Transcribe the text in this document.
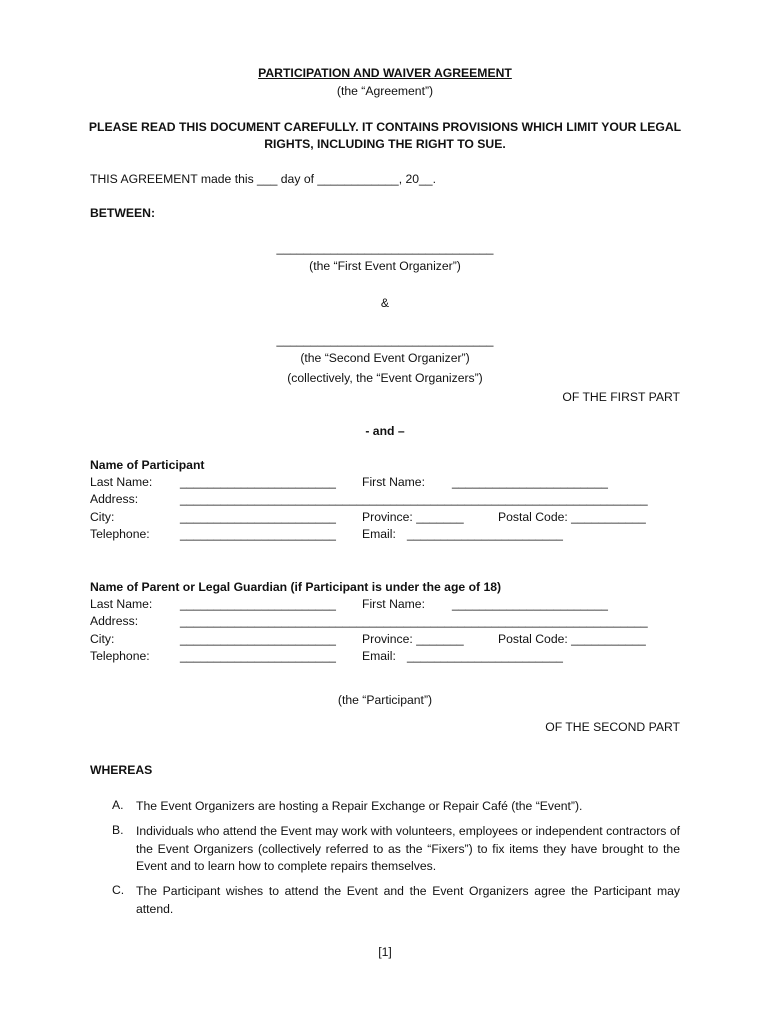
PARTICIPATION AND WAIVER AGREEMENT
(the “Agreement”)
PLEASE READ THIS DOCUMENT CAREFULLY. IT CONTAINS PROVISIONS WHICH LIMIT YOUR LEGAL
RIGHTS, INCLUDING THE RIGHT TO SUE.
THIS AGREEMENT made this ___ day of ____________, 20__.
BETWEEN:
________________________________
(the “First Event Organizer”)
&
________________________________
(the “Second Event Organizer”)
(collectively, the “Event Organizers”)
OF THE FIRST PART
- and –
Name of Participant
Last Name: _______________________ First Name: _______________________
Address:	_____________________________________________________________________
City:	_______________________ Province: _______	Postal Code: ___________
Telephone: _______________________ Email: _______________________
Name of Parent or Legal Guardian (if Participant is under the age of 18)
Last Name: _______________________ First Name: _______________________
Address:	_____________________________________________________________________
City:	_______________________ Province: _______	Postal Code: ___________
Telephone: _______________________ Email: _______________________
(the “Participant”)
OF THE SECOND PART
WHEREAS
A. The Event Organizers are hosting a Repair Exchange or Repair Café (the “Event”).
B. Individuals who attend the Event may work with volunteers, employees or independent contractors of the Event Organizers (collectively referred to as the “Fixers”) to fix items they have brought to the Event and to learn how to complete repairs themselves.
C. The Participant wishes to attend the Event and the Event Organizers agree the Participant may attend.
[1]
